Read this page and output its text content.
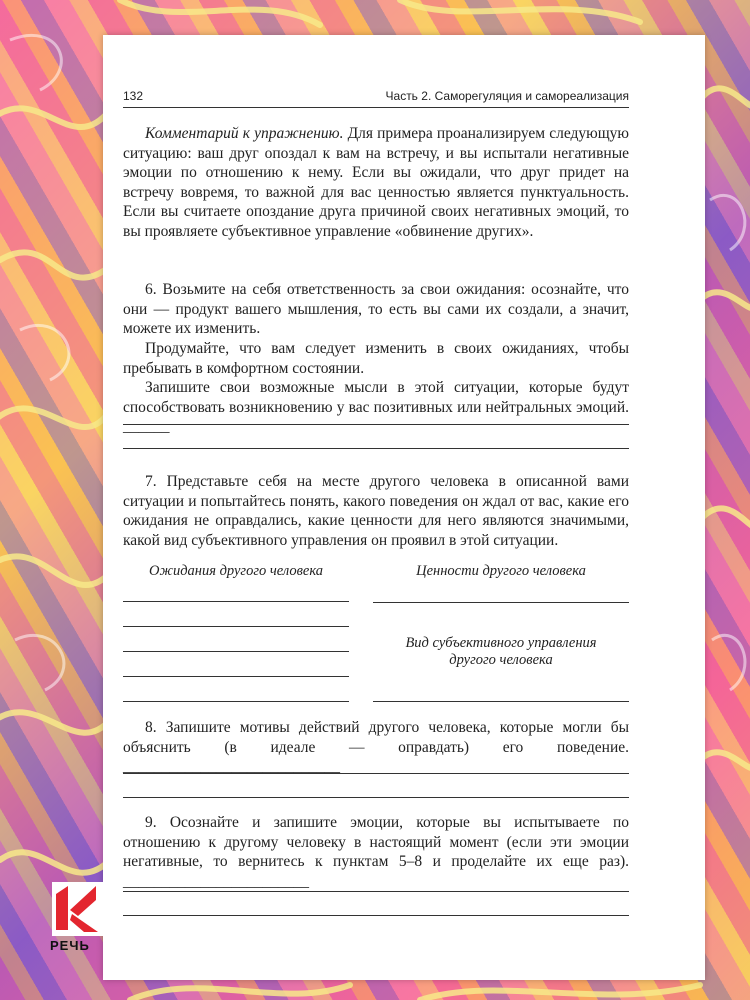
132	Часть 2. Саморегуляция и самореализация
Комментарий к упражнению. Для примера проанализируем следующую ситуацию: ваш друг опоздал к вам на встречу, и вы испытали негативные эмоции по отношению к нему. Если вы ожидали, что друг придет на встречу вовремя, то важной для вас ценностью является пунктуальность. Если вы считаете опоздание друга причиной своих негативных эмоций, то вы проявляете субъективное управление «обвинение других».
6. Возьмите на себя ответственность за свои ожидания: осознайте, что они — продукт вашего мышления, то есть вы сами их создали, а значит, можете их изменить.
Продумайте, что вам следует изменить в своих ожиданиях, чтобы пребывать в комфортном состоянии.
Запишите свои возможные мысли в этой ситуации, которые будут способствовать возникновению у вас позитивных или нейтральных эмоций. ______
7. Представьте себя на месте другого человека в описанной вами ситуации и попытайтесь понять, какого поведения он ждал от вас, какие его ожидания не оправдались, какие ценности для него являются значимыми, какой вид субъективного управления он проявил в этой ситуации.
Ожидания другого человека	Ценности другого человека
Вид субъективного управления
другого человека
8. Запишите мотивы действий другого человека, которые могли бы объяснить (в идеале — оправдать) его поведение. ____________________________
9. Осознайте и запишите эмоции, которые вы испытываете по отношению к другому человеку в настоящий момент (если эти эмоции негативные, то вернитесь к пунктам 5–8 и проделайте их еще раз). ________________________
РЕЧЬ
